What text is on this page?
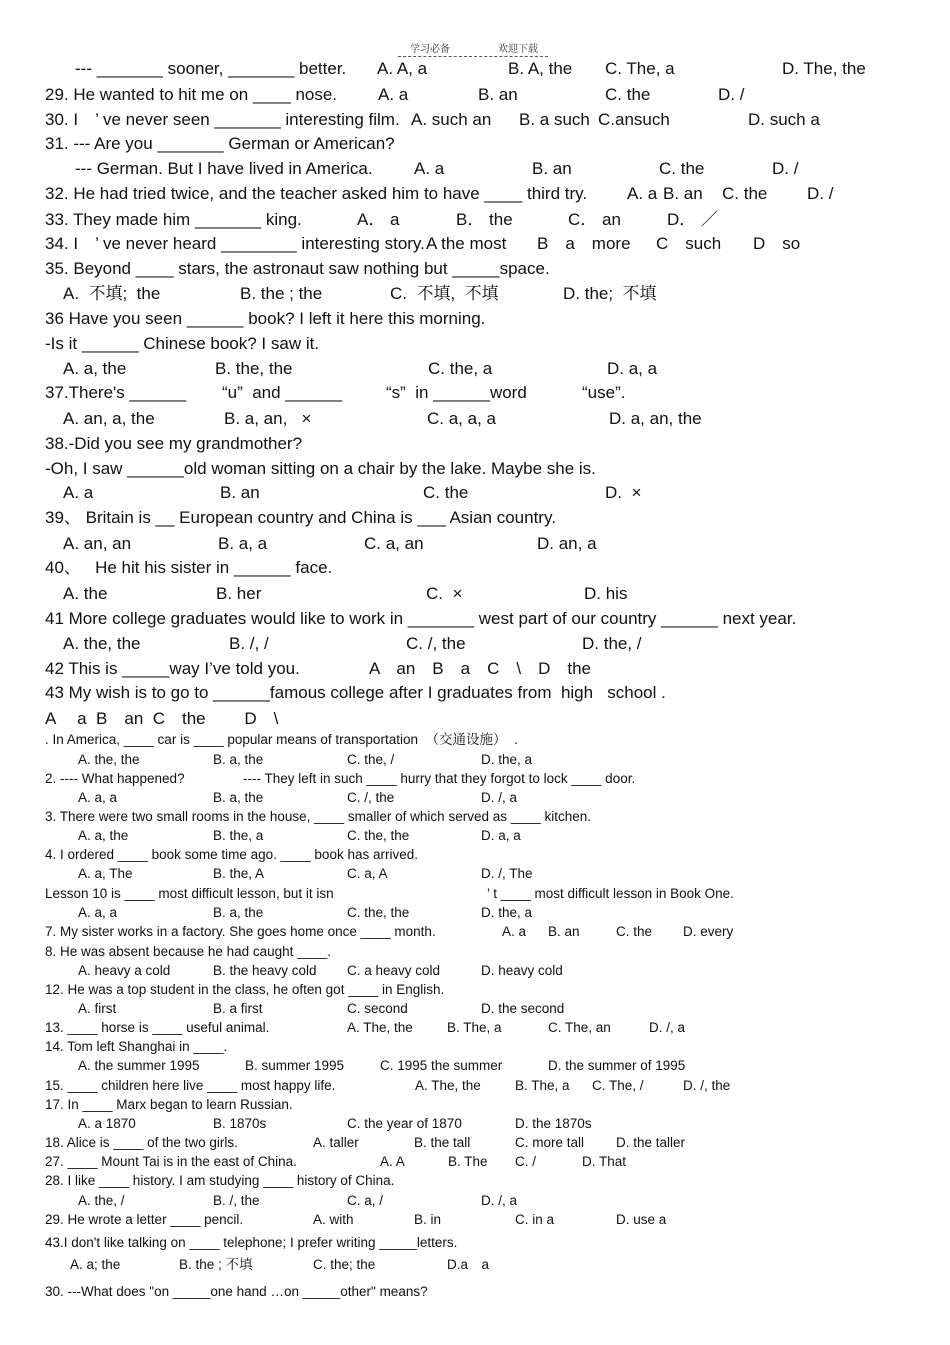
学习必备	欢迎下载
--- _______ sooner, _______ better. A. A, a	B. A, the C. The, a	D. The, the
29. He wanted to hit me on ____ nose. A. a	B. an	C. the	D. /
30. I　’ ve never seen _______ interesting film. A. such an B. a such C.ansuch	D. such a
31. --- Are you _______ German or American?
--- German. But I have lived in America. A. a	B. an	C. the	D. /
32. He had tried twice, and the teacher asked him to have ____ third try. A. a B. an C. the D. /
33. They made him _______ king.	A． a	B． the	C． an	D． ／
34. I　’ ve never heard ________ interesting story. A the most B　a　more C　such D　so
35. Beyond ____ stars, the astronaut saw nothing but _____space.
A.  不填;  the	B. the ; the	C.  不填,  不填	D. the;  不填
36 Have you seen ______ book? I left it here this morning.
-Is it ______ Chinese book? I saw it.
A. a, the	B. the, the	C. the, a	D. a, a
37.There's ______ “u”  and ______	“s”  in ______word	“use”.
A. an, a, the	B. a, an,   ×	C. a, a, a	D. a, an, the
38.-Did you see my grandmother?
-Oh, I saw ______old woman sitting on a chair by the lake. Maybe she is.
A. a	B. an	C. the	D.  ×
39、 Britain is __ European country and China is ___ Asian country.
A. an, an	B. a, a	C. a, an	D. an, a
40、   He hit his sister in ______ face.
A. the	B. her	C.  ×	D. his
41 More college graduates would like to work in _______ west part of our country ______ next year.
A. the, the	B. /, /	C. /, the	D. the, /
42 This is _____way I’ve told you.	A　an　B　a　C　\　D　the
43 My wish is to go to ______famous college after I graduates from  high   school .
A　 a  B　an  C　the　　 D　\
. In America, ____ car is ____ popular means of transportation  （交通设施）  .
A. the, the	B. a, the	C. the, /	D. the, a
2. ---- What happened?	---- They left in such ____ hurry that they forgot to lock ____ door.
A. a, a	B. a, the	C. /, the	D. /, a
3. There were two small rooms in the house, ____ smaller of which served as ____ kitchen.
A. a, the	B. the, a	C. the, the	D. a, a
4. I ordered ____ book some time ago. ____ book has arrived.
A. a, The	B. the, A	C. a, A	D. /, The
Lesson 10 is ____ most difficult lesson, but it isn	’ t ____ most difficult lesson in Book One.
A. a, a	B. a, the	C. the, the	D. the, a
7. My sister works in a factory. She goes home once ____ month.	A. a B. an	C. the D. every
8. He was absent because he had caught ____.
A. heavy a cold	B. the heavy cold C. a heavy cold	D. heavy cold
12. He was a top student in the class, he often got ____ in English.
A. first	B. a first	C. second	D. the second
13. ____ horse is ____ useful animal.	A. The, the	B. The, a	C. The, an	D. /, a
14. Tom left Shanghai in ____.
A. the summer 1995	B. summer 1995	C. 1995 the summer	D. the summer of 1995
15. ____ children here live ____ most happy life.	A. The, the	B. The, a C. The, /	D. /, the
17. In ____ Marx began to learn Russian.
A. a 1870	B. 1870s	C. the year of 1870	D. the 1870s
18. Alice is ____ of the two girls.	A. taller	B. the tall	C. more tall D. the taller
27. ____ Mount Tai is in the east of China.	A. A	B. The C. /	D. That
28. I like ____ history. I am studying ____ history of China.
A. the, /	B. /, the	C. a, /	D. /, a
29. He wrote a letter ____ pencil.	A. with	B. in	C. in a	D. use a
43.I don't like talking on ____ telephone; I prefer writing _____letters.
A. a; the	B. the ; 不填	C. the; the	D.a　a
30. ---What does "on _____one hand …on _____other" means?
